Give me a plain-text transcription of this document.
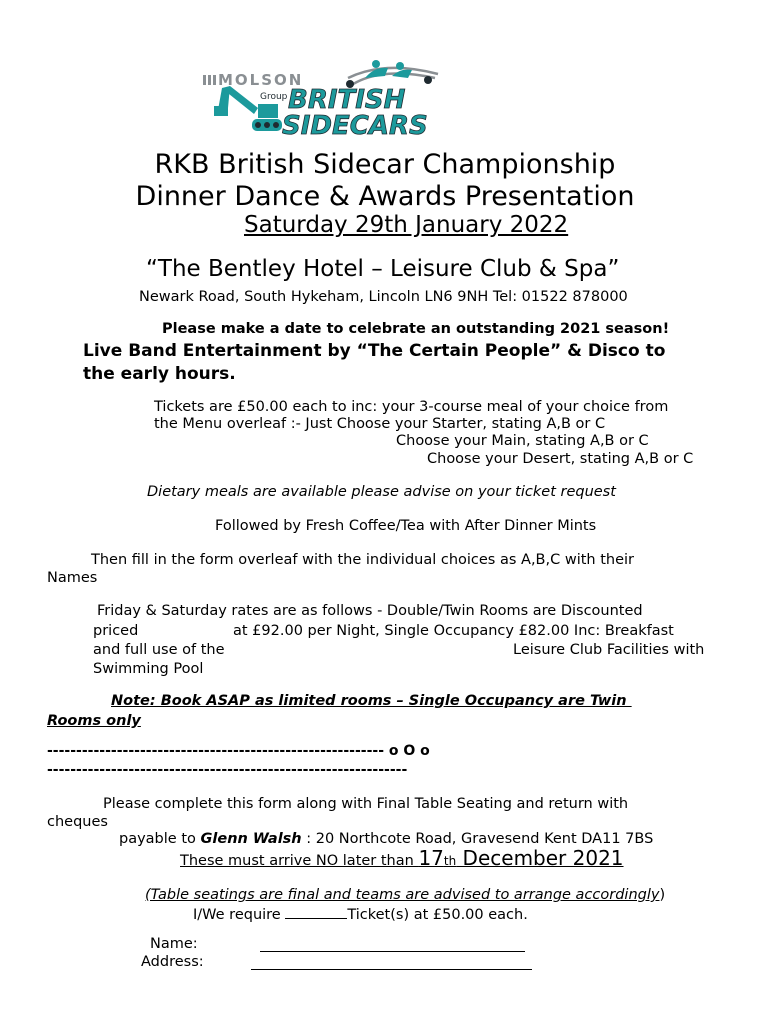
MOLSON
Group BRITISH
SIDECARS
RKB British Sidecar Championship
Dinner Dance & Awards Presentation
Saturday 29th January 2022
“The Bentley Hotel – Leisure Club & Spa”
Newark Road, South Hykeham, Lincoln LN6 9NH Tel: 01522 878000
Please make a date to celebrate an outstanding 2021 season!
Live Band Entertainment by “The Certain People” & Disco to
the early hours.
Tickets are £50.00 each to inc: your 3-course meal of your choice from
the Menu overleaf :- Just Choose your Starter, stating A,B or C
Choose your Main, stating A,B or C
Choose your Desert, stating A,B or C
Dietary meals are available please advise on your ticket request
Followed by Fresh Coffee/Tea with After Dinner Mints
Then fill in the form overleaf with the individual choices as A,B,C with their
Names
Friday & Saturday rates are as follows - Double/Twin Rooms are Discounted
priced	at £92.00 per Night, Single Occupancy £82.00 Inc: Breakfast
and full use of the	Leisure Club Facilities with
Swimming Pool
Note: Book ASAP as limited rooms – Single Occupancy are Twin
Rooms only
---------------------------------------------------------- o O o
--------------------------------------------------------------
Please complete this form along with Final Table Seating and return with
cheques
payable to Glenn Walsh : 20 Northcote Road, Gravesend Kent DA11 7BS
These must arrive NO later than 17th December 2021
(Table seatings are final and teams are advised to arrange accordingly)
I/We require	Ticket(s) at £50.00 each.
Name:
Address:
